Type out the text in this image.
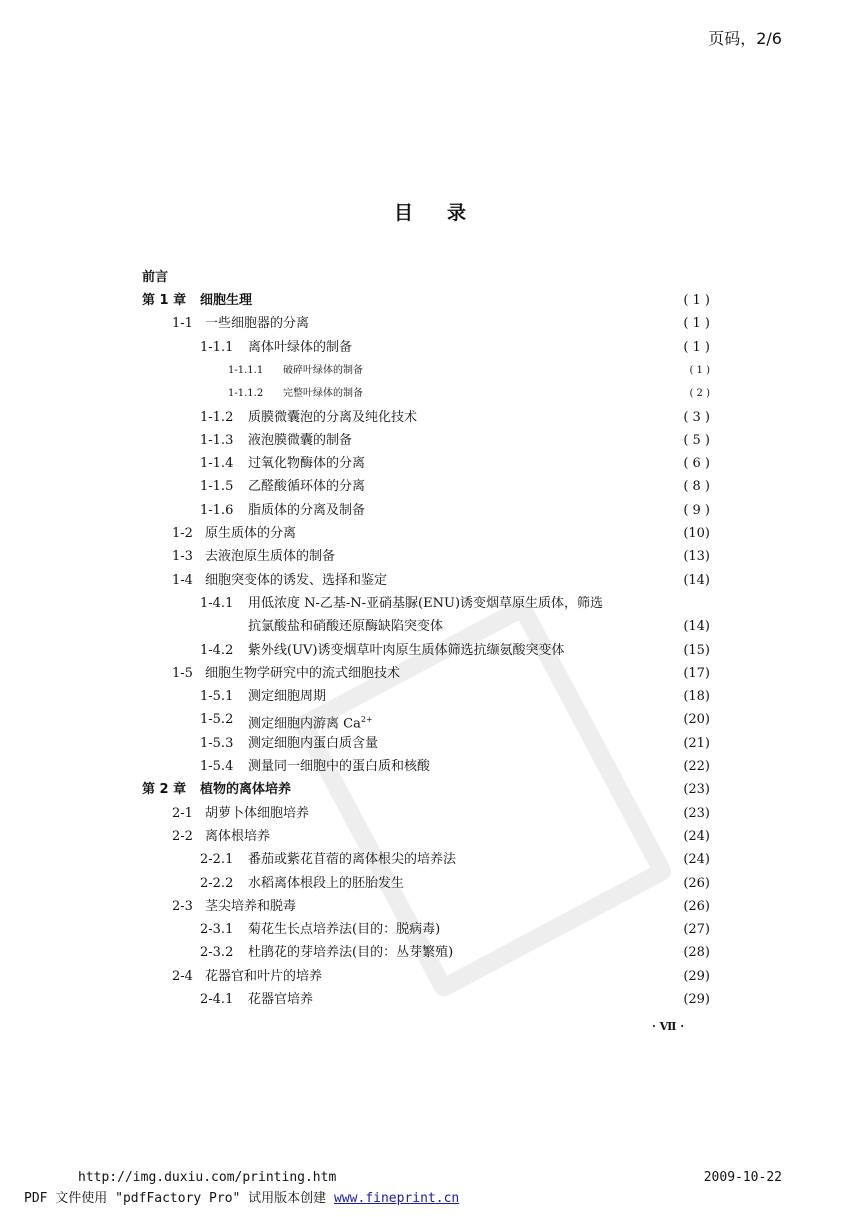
页码，2/6
目录
前言
第 1 章 细胞生理	( 1 )
1-1 一些细胞器的分离	( 1 )
1-1.1 离体叶绿体的制备	( 1 )
1-1.1.1 破碎叶绿体的制备	( 1 )
1-1.1.2 完整叶绿体的制备	( 2 )
1-1.2 质膜微囊泡的分离及纯化技术	( 3 )
1-1.3 液泡膜微囊的制备	( 5 )
1-1.4 过氧化物酶体的分离	( 6 )
1-1.5 乙醛酸循环体的分离	( 8 )
1-1.6 脂质体的分离及制备	( 9 )
1-2 原生质体的分离	(10)
1-3 去液泡原生质体的制备	(13)
1-4 细胞突变体的诱发、选择和鉴定	(14)
1-4.1 用低浓度 N-乙基-N-亚硝基脲(ENU)诱变烟草原生质体，筛选
抗氯酸盐和硝酸还原酶缺陷突变体	(14)
1-4.2 紫外线(UV)诱变烟草叶肉原生质体筛选抗缬氨酸突变体	(15)
1-5 细胞生物学研究中的流式细胞技术	(17)
1-5.1 测定细胞周期	(18)
1-5.2 测定细胞内游离 $Ca^{2+}$	(20)
1-5.3 测定细胞内蛋白质含量	(21)
1-5.4 测量同一细胞中的蛋白质和核酸	(22)
第 2 章 植物的离体培养	(23)
2-1 胡萝卜体细胞培养	(23)
2-2 离体根培养	(24)
2-2.1 番茄或紫花苜蓿的离体根尖的培养法	(24)
2-2.2 水稻离体根段上的胚胎发生	(26)
2-3 茎尖培养和脱毒	(26)
2-3.1 菊花生长点培养法(目的：脱病毒)	(27)
2-3.2 杜鹃花的芽培养法(目的：丛芽繁殖)	(28)
2-4 花器官和叶片的培养	(29)
2-4.1 花器官培养	(29)
· Ⅶ ·
http://img.duxiu.com/printing.htm	2009-10-22
PDF 文件使用 "pdfFactory Pro" 试用版本创建 www.fineprint.cn
